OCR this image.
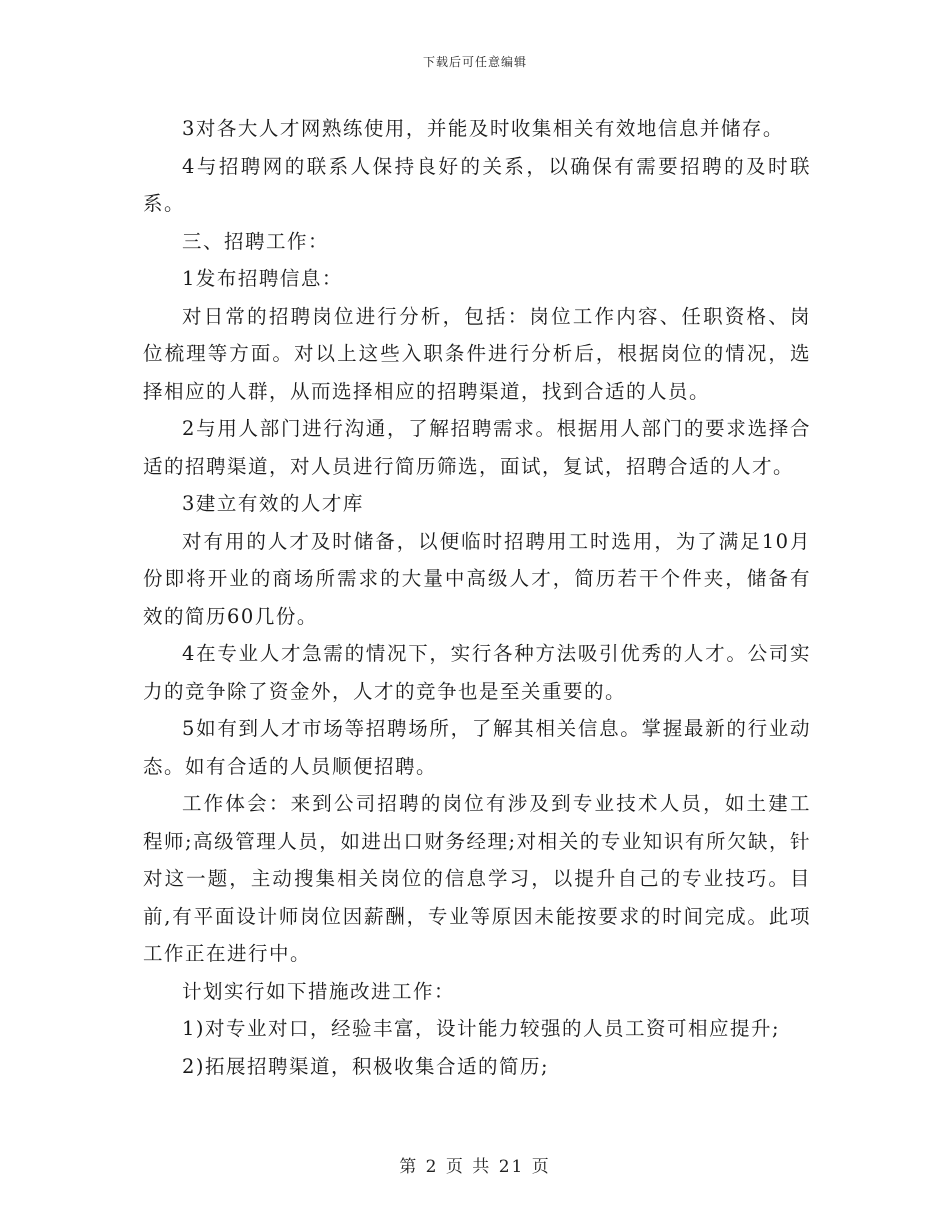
下载后可任意编辑

3对各大人才网熟练使用，并能及时收集相关有效地信息并储存。

4与招聘网的联系人保持良好的关系，以确保有需要招聘的及时联系。

三、招聘工作：

1发布招聘信息：

对日常的招聘岗位进行分析，包括：岗位工作内容、任职资格、岗位梳理等方面。对以上这些入职条件进行分析后，根据岗位的情况，选择相应的人群，从而选择相应的招聘渠道，找到合适的人员。

2与用人部门进行沟通，了解招聘需求。根据用人部门的要求选择合适的招聘渠道，对人员进行简历筛选，面试，复试，招聘合适的人才。

3建立有效的人才库

对有用的人才及时储备，以便临时招聘用工时选用，为了满足10月份即将开业的商场所需求的大量中高级人才，简历若干个件夹，储备有效的简历60几份。

4在专业人才急需的情况下，实行各种方法吸引优秀的人才。公司实力的竞争除了资金外，人才的竞争也是至关重要的。

5如有到人才市场等招聘场所，了解其相关信息。掌握最新的行业动态。如有合适的人员顺便招聘。

工作体会：来到公司招聘的岗位有涉及到专业技术人员，如土建工程师;高级管理人员，如进出口财务经理;对相关的专业知识有所欠缺，针对这一题，主动搜集相关岗位的信息学习，以提升自己的专业技巧。目前,有平面设计师岗位因薪酬，专业等原因未能按要求的时间完成。此项工作正在进行中。

计划实行如下措施改进工作：

1)对专业对口，经验丰富，设计能力较强的人员工资可相应提升;

2)拓展招聘渠道，积极收集合适的简历;

第 2 页 共 21 页
